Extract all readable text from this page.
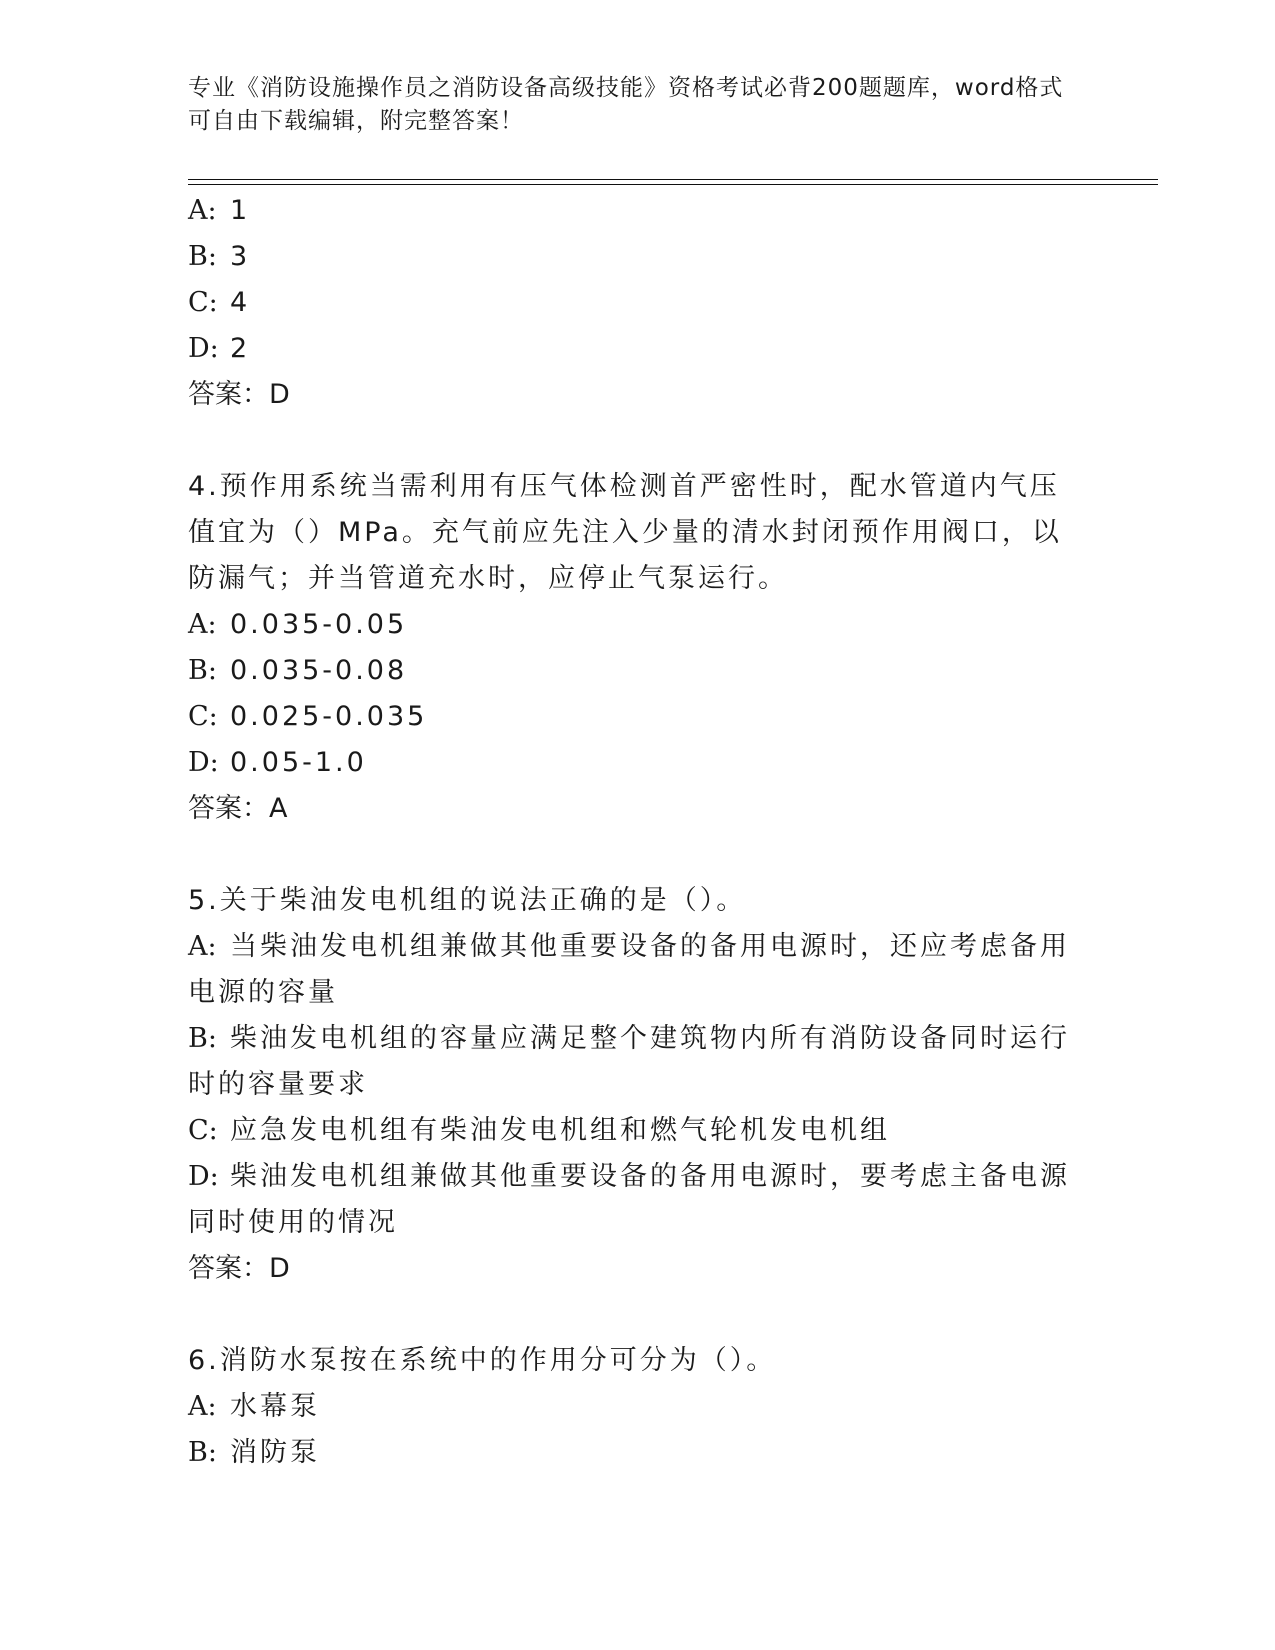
专业《消防设施操作员之消防设备高级技能》资格考试必背200题题库，word格式可自由下载编辑，附完整答案！
A: 1
B: 3
C: 4
D: 2
答案：D
4.预作用系统当需利用有压气体检测首严密性时，配水管道内气压值宜为（）MPa。充气前应先注入少量的清水封闭预作用阀口，以防漏气；并当管道充水时，应停止气泵运行。
A: 0.035-0.05
B: 0.035-0.08
C: 0.025-0.035
D: 0.05-1.0
答案：A
5.关于柴油发电机组的说法正确的是（）。
A: 当柴油发电机组兼做其他重要设备的备用电源时，还应考虑备用电源的容量
B: 柴油发电机组的容量应满足整个建筑物内所有消防设备同时运行时的容量要求
C: 应急发电机组有柴油发电机组和燃气轮机发电机组
D: 柴油发电机组兼做其他重要设备的备用电源时，要考虑主备电源同时使用的情况
答案：D
6.消防水泵按在系统中的作用分可分为（）。
A: 水幕泵
B: 消防泵
